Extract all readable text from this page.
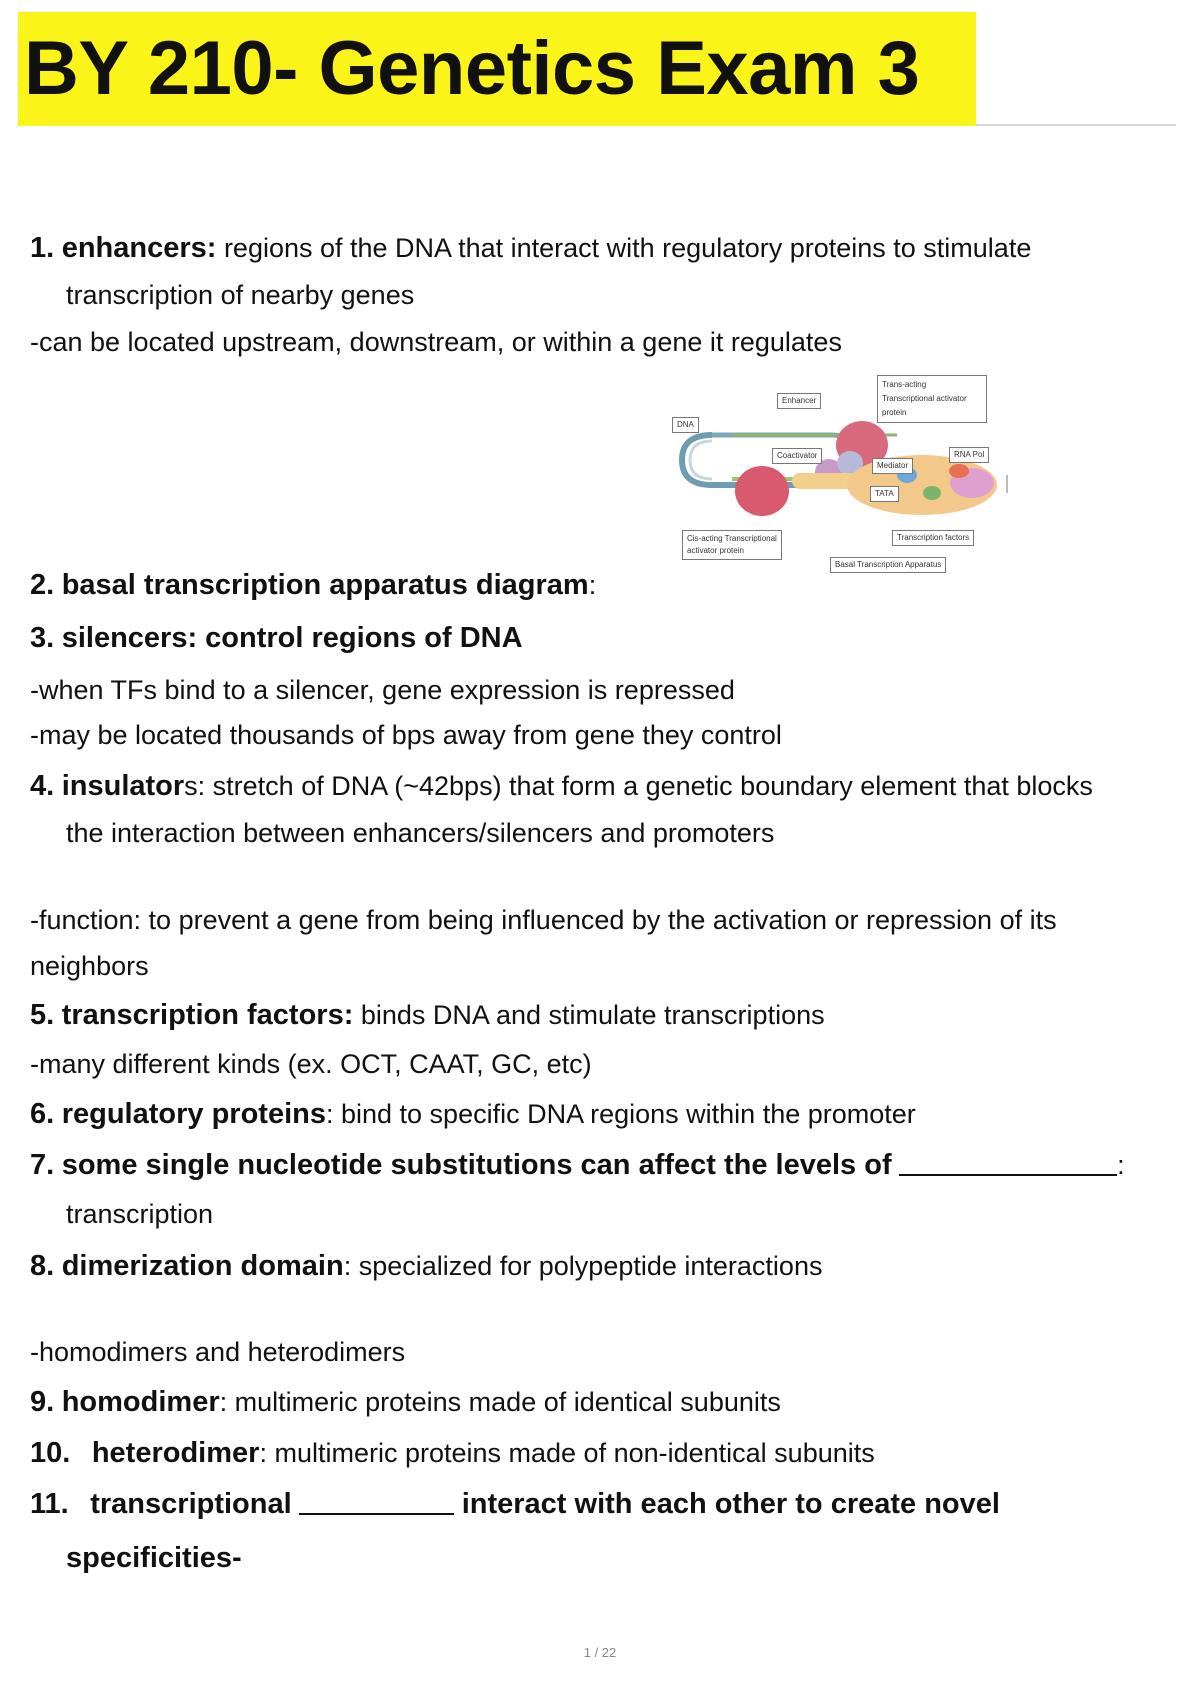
BY 210- Genetics Exam 3
1. enhancers: regions of the DNA that interact with regulatory proteins to stimulate
transcription of nearby genes
-can be located upstream, downstream, or within a gene it regulates
DNA
Enhancer
Trans-acting
Transcriptional activator
protein
Coactivator
Mediator
RNA Pol
TATA
Cis-acting Transcriptional
activator protein
Transcription factors
Basal Transcription Apparatus
2. basal transcription apparatus diagram:
3. silencers: control regions of DNA
-when TFs bind to a silencer, gene expression is repressed
-may be located thousands of bps away from gene they control
4. insulators: stretch of DNA (~42bps) that form a genetic boundary element that blocks
the interaction between enhancers/silencers and promoters
-function: to prevent a gene from being influenced by the activation or repression of its
neighbors
5. transcription factors: binds DNA and stimulate transcriptions
-many different kinds (ex. OCT, CAAT, GC, etc)
6. regulatory proteins: bind to specific DNA regions within the promoter
7. some single nucleotide substitutions can affect the levels of	:
transcription
8. dimerization domain: specialized for polypeptide interactions
-homodimers and heterodimers
9. homodimer: multimeric proteins made of identical subunits
10. heterodimer: multimeric proteins made of non-identical subunits
11. transcriptional	interact with each other to create novel
specificities-
1 / 22
